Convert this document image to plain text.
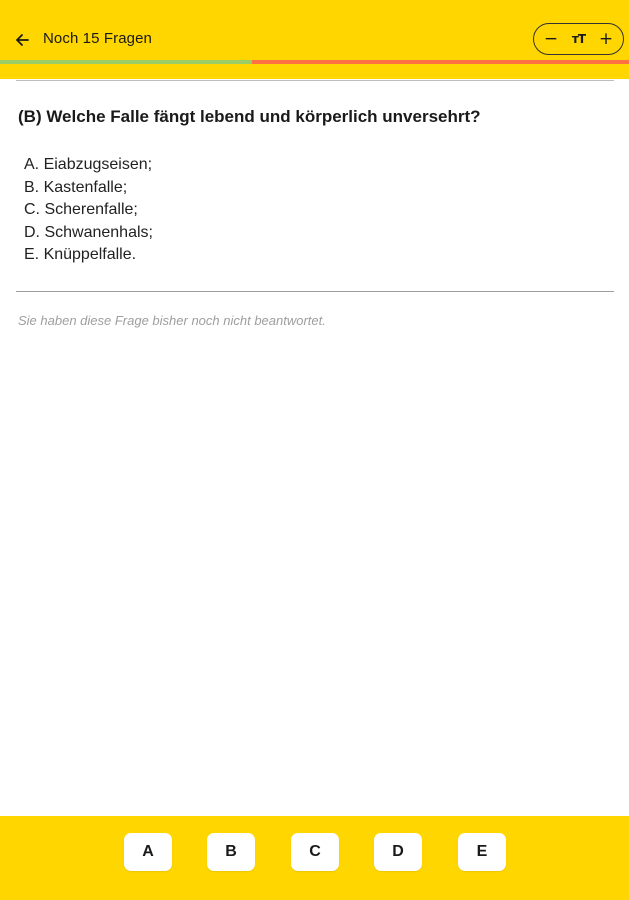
Noch 15 Fragen	−	ᴛT +
(B) Welche Falle fängt lebend und körperlich unversehrt?
A. Eiabzugseisen;
B. Kastenfalle;
C. Scherenfalle;
D. Schwanenhals;
E. Knüppelfalle.
Sie haben diese Frage bisher noch nicht beantwortet.
A	B	C	D	E
